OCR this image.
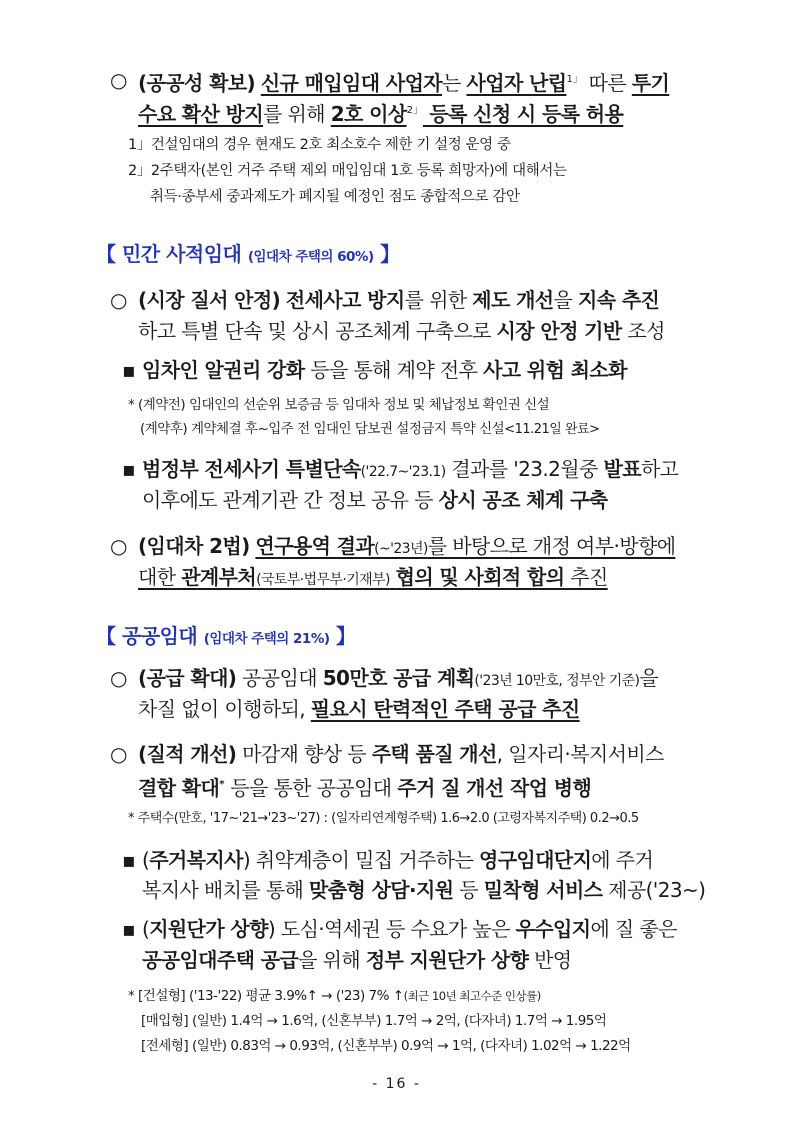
○ (공공성 확보) 신규 매입임대 사업자는 사업자 난립$^{1」}$ 따른 투기
수요 확산 방지를 위해 2호 이상$^{2」}$ 등록 신청 시 등록 허용
1」건설임대의 경우 현재도 2호 최소호수 제한 기 설정 운영 중
2」2주택자(본인 거주 주택 제외 매입임대 1호 등록 희망자)에 대해서는
취득·종부세 중과제도가 폐지될 예정인 점도 종합적으로 감안
【 민간 사적임대 (임대차 주택의 60%) 】
○ (시장 질서 안정) 전세사고 방지를 위한 제도 개선을 지속 추진
하고 특별 단속 및 상시 공조체계 구축으로 시장 안정 기반 조성
▪ 임차인 알권리 강화 등을 통해 계약 전후 사고 위험 최소화
* (계약전) 임대인의 선순위 보증금 등 임대차 정보 및 체납정보 확인권 신설
(계약후) 계약체결 후~입주 전 임대인 담보권 설정금지 특약 신설<11.21일 완료>
▪ 범정부 전세사기 특별단속('22.7~'23.1) 결과를 '23.2월중 발표하고
이후에도 관계기관 간 정보 공유 등 상시 공조 체계 구축
○ (임대차 2법) 연구용역 결과(~'23년)를 바탕으로 개정 여부·방향에
대한 관계부처(국토부·법무부·기재부) 협의 및 사회적 합의 추진
【 공공임대 (임대차 주택의 21%) 】
○ (공급 확대) 공공임대 50만호 공급 계획('23년 10만호, 정부안 기준)을
차질 없이 이행하되, 필요시 탄력적인 주택 공급 추진
○ (질적 개선) 마감재 향상 등 주택 품질 개선, 일자리·복지서비스
결합 확대* 등을 통한 공공임대 주거 질 개선 작업 병행
* 주택수(만호, '17~'21→'23~'27) : (일자리연계형주택) 1.6→2.0 (고령자복지주택) 0.2→0.5
▪ (주거복지사) 취약계층이 밀집 거주하는 영구임대단지에 주거
복지사 배치를 통해 맞춤형 상담·지원 등 밀착형 서비스 제공('23~)
▪ (지원단가 상향) 도심·역세권 등 수요가 높은 우수입지에 질 좋은
공공임대주택 공급을 위해 정부 지원단가 상향 반영
* [건설형] ('13-'22) 평균 3.9%↑ → ('23) 7% ↑(최근 10년 최고수준 인상률)
[매입형] (일반) 1.4억 → 1.6억, (신혼부부) 1.7억 → 2억, (다자녀) 1.7억 → 1.95억
[전세형] (일반) 0.83억 → 0.93억, (신혼부부) 0.9억 → 1억, (다자녀) 1.02억 → 1.22억
- 16 -
